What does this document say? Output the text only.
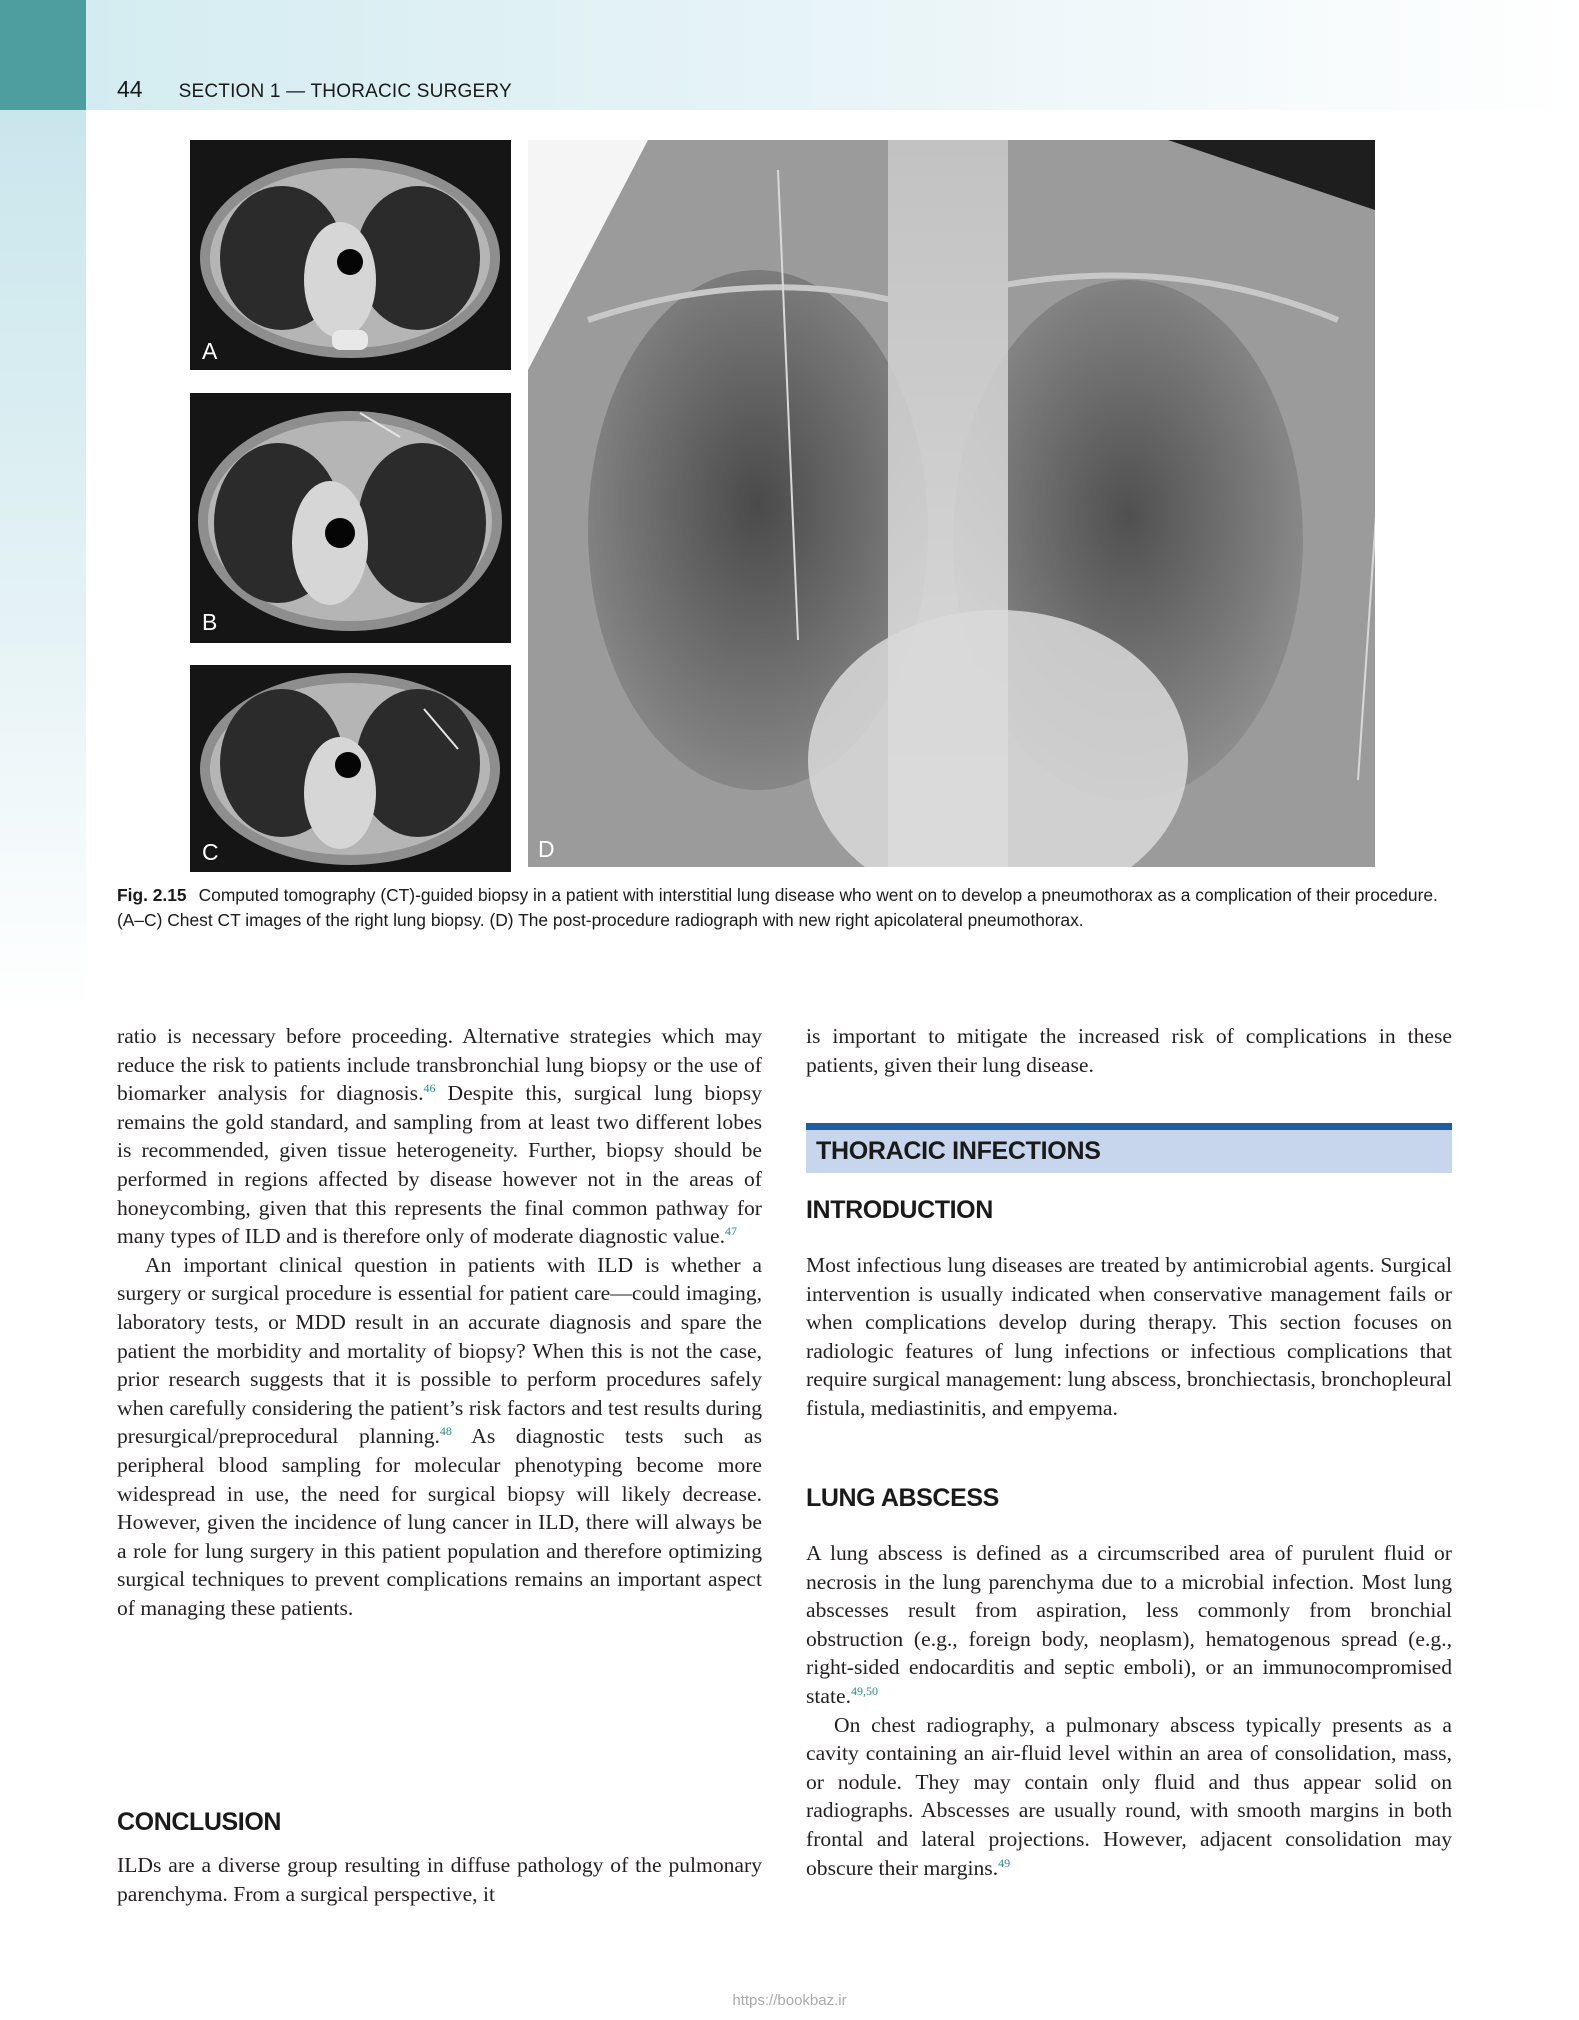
44 SECTION 1 — THORACIC SURGERY
A
B
C	D
Fig. 2.15 Computed tomography (CT)-guided biopsy in a patient with interstitial lung disease who went on to develop a pneumothorax as a complication of their procedure. (A–C) Chest CT images of the right lung biopsy. (D) The post-procedure radiograph with new right apicolateral pneumothorax.

ratio is necessary before proceeding. Alternative strategies which may reduce the risk to patients include transbronchial lung biopsy or the use of biomarker analysis for diagnosis.$^{46}$ Despite this, surgical lung biopsy remains the gold standard, and sampling from at least two different lobes is recommended, given tissue heterogeneity. Further, biopsy should be performed in regions affected by disease however not in the areas of honeycombing, given that this represents the final common pathway for many types of ILD and is therefore only of moderate diagnostic value.$^{47}$

An important clinical question in patients with ILD is whether a surgery or surgical procedure is essential for patient care—could imaging, laboratory tests, or MDD result in an accurate diagnosis and spare the patient the morbidity and mortality of biopsy? When this is not the case, prior research suggests that it is possible to perform procedures safely when carefully considering the patient’s risk factors and test results during presurgical/preprocedural planning.$^{48}$ As diagnostic tests such as peripheral blood sampling for molecular phenotyping become more widespread in use, the need for surgical biopsy will likely decrease. However, given the incidence of lung cancer in ILD, there will always be a role for lung surgery in this patient population and therefore optimizing surgical techniques to prevent complications remains an important aspect of managing these patients.

CONCLUSION

ILDs are a diverse group resulting in diffuse pathology of the pulmonary parenchyma. From a surgical perspective, it

is important to mitigate the increased risk of complications in these patients, given their lung disease.

THORACIC INFECTIONS
INTRODUCTION

Most infectious lung diseases are treated by antimicrobial agents. Surgical intervention is usually indicated when conservative management fails or when complications develop during therapy. This section focuses on radiologic features of lung infections or infectious complications that require surgical management: lung abscess, bronchiectasis, bronchopleural fistula, mediastinitis, and empyema.

LUNG ABSCESS

A lung abscess is defined as a circumscribed area of purulent fluid or necrosis in the lung parenchyma due to a microbial infection. Most lung abscesses result from aspiration, less commonly from bronchial obstruction (e.g., foreign body, neoplasm), hematogenous spread (e.g., right-sided endocarditis and septic emboli), or an immunocompromised state.$^{49,50}$

On chest radiography, a pulmonary abscess typically presents as a cavity containing an air-fluid level within an area of consolidation, mass, or nodule. They may contain only fluid and thus appear solid on radiographs. Abscesses are usually round, with smooth margins in both frontal and lateral projections. However, adjacent consolidation may obscure their margins.$^{49}$

https://bookbaz.ir
